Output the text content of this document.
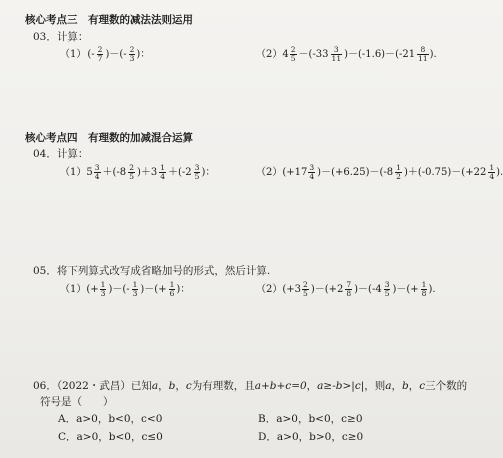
核心考点三　有理数的减法法则运用
03．计算：
$(1)(- \frac{2}{7}$ )－(- $\frac{2}{3}$ )：	$(2)4 \frac{2}{5} -(-33 \frac{3}{11} )-(-1.6)-(-21 \frac{8}{11}$ ).
核心考点四　有理数的加减混合运算
04．计算：
$(1)5 \frac{3}{4} +(-8 \frac{2}{5} )+3 \frac{1}{4} +(-2 \frac{3}{5}$ )：	$(2)(+17 \frac{3}{4} )-(+6.25)-(-8 \frac{1}{2} )+(-0.75)-(+22 \frac{1}{4}$ ).
05．将下列算式改写成省略加号的形式，然后计算.
$(1)(+ \frac{1}{3}$ )－(- $\frac{1}{3}$ )－(+ $\frac{1}{6}$ )：	$(2)(+3 \frac{2}{5} )-(+2 \frac{7}{8} )-(-4 \frac{3}{5}$ )－(+ $\frac{1}{8}$ ).
06．（2022・武昌）已知a，b，c为有理数，且a+b+c=0，a≥-b>|c|，则a，b，c三个数的
符号是（　　）
A．a>0，b<0，c<0	B．a>0，b<0，c≥0
C．a>0，b<0，c≤0	D．a>0，b>0，c≥0
